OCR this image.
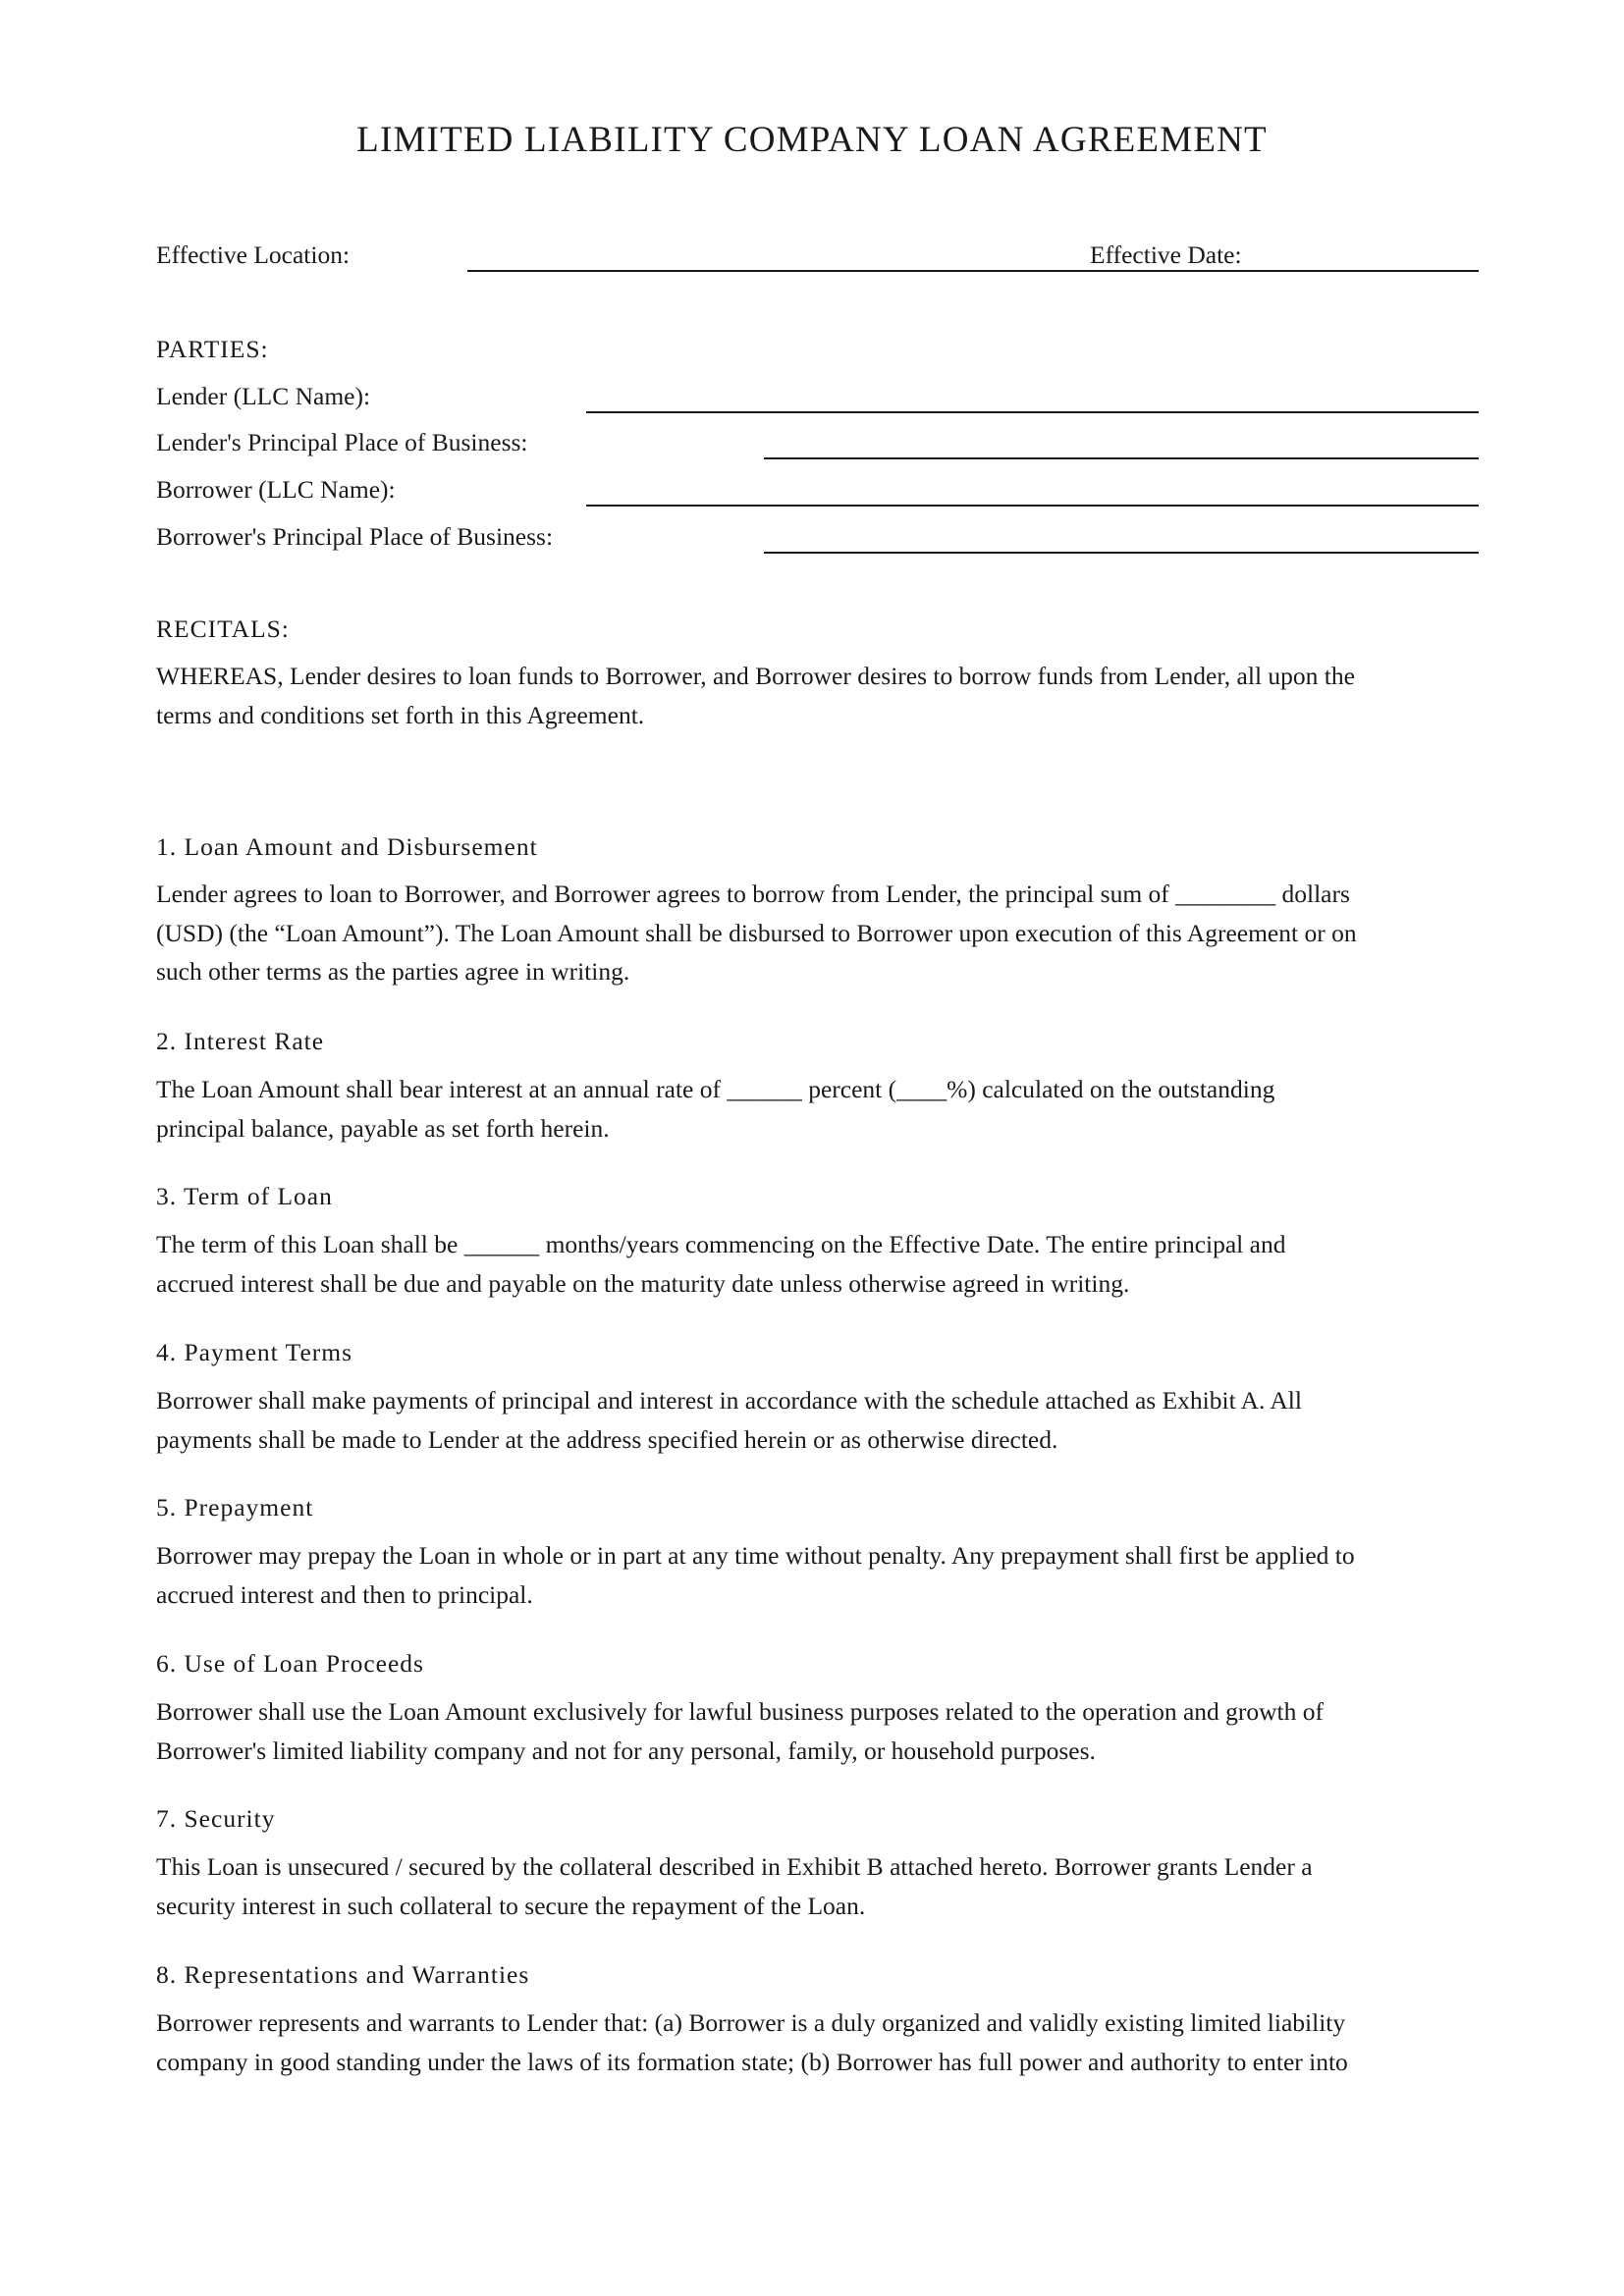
LIMITED LIABILITY COMPANY LOAN AGREEMENT
Effective Location:	Effective Date:
PARTIES:
Lender (LLC Name):
Lender's Principal Place of Business:
Borrower (LLC Name):
Borrower's Principal Place of Business:
RECITALS:
WHEREAS, Lender desires to loan funds to Borrower, and Borrower desires to borrow funds from Lender, all upon the
terms and conditions set forth in this Agreement.
1. Loan Amount and Disbursement
Lender agrees to loan to Borrower, and Borrower agrees to borrow from Lender, the principal sum of ________ dollars
(USD) (the “Loan Amount”). The Loan Amount shall be disbursed to Borrower upon execution of this Agreement or on
such other terms as the parties agree in writing.
2. Interest Rate
The Loan Amount shall bear interest at an annual rate of ______ percent (____%) calculated on the outstanding
principal balance, payable as set forth herein.
3. Term of Loan
The term of this Loan shall be ______ months/years commencing on the Effective Date. The entire principal and
accrued interest shall be due and payable on the maturity date unless otherwise agreed in writing.
4. Payment Terms
Borrower shall make payments of principal and interest in accordance with the schedule attached as Exhibit A. All
payments shall be made to Lender at the address specified herein or as otherwise directed.
5. Prepayment
Borrower may prepay the Loan in whole or in part at any time without penalty. Any prepayment shall first be applied to
accrued interest and then to principal.
6. Use of Loan Proceeds
Borrower shall use the Loan Amount exclusively for lawful business purposes related to the operation and growth of
Borrower's limited liability company and not for any personal, family, or household purposes.
7. Security
This Loan is unsecured / secured by the collateral described in Exhibit B attached hereto. Borrower grants Lender a
security interest in such collateral to secure the repayment of the Loan.
8. Representations and Warranties
Borrower represents and warrants to Lender that: (a) Borrower is a duly organized and validly existing limited liability
company in good standing under the laws of its formation state; (b) Borrower has full power and authority to enter into
